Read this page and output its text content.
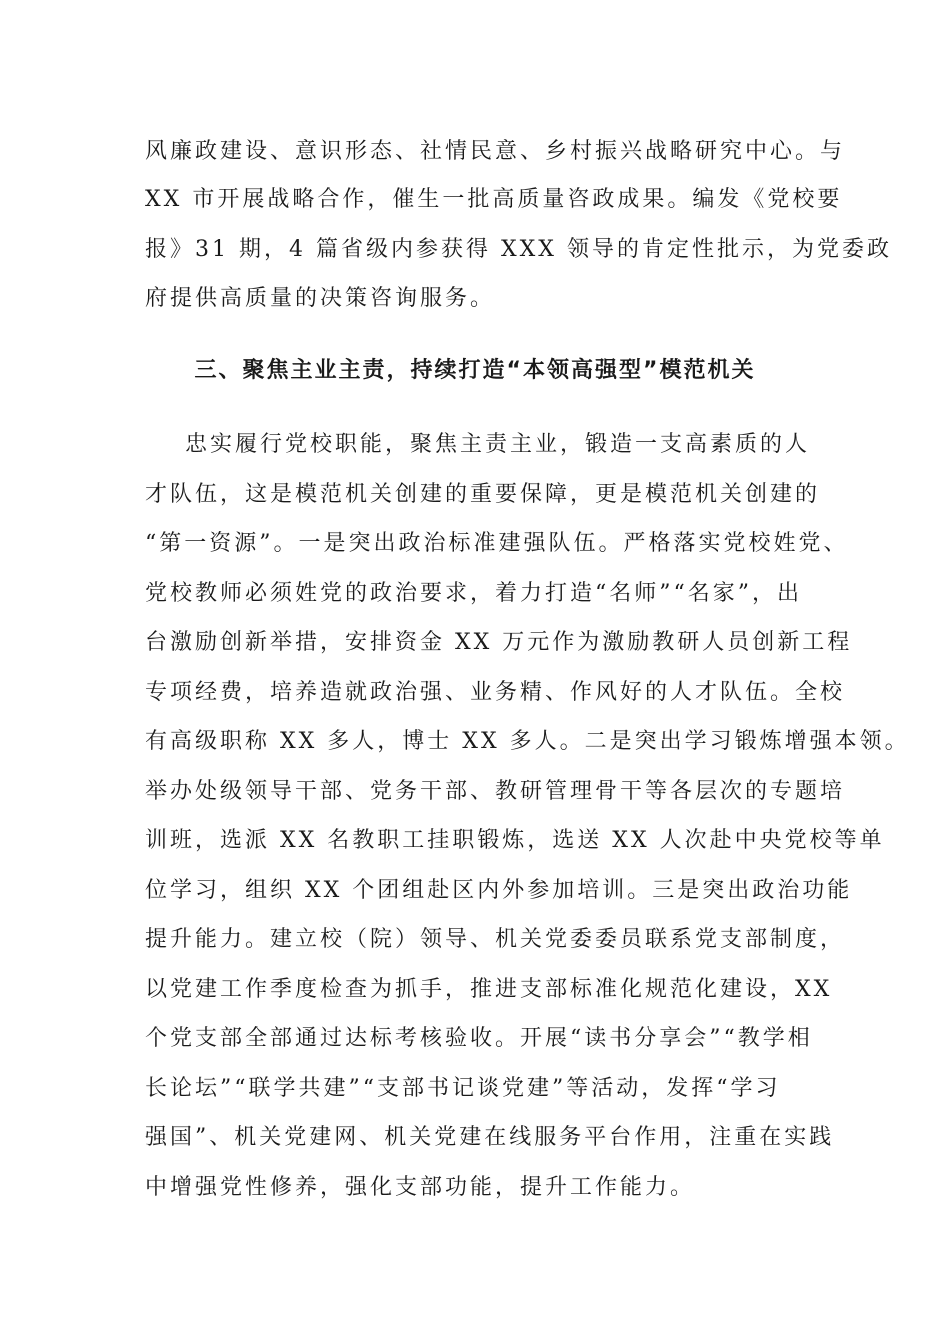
风廉政建设、意识形态、社情民意、乡村振兴战略研究中心。与
XX 市开展战略合作，催生一批高质量咨政成果。编发《党校要
报》31 期，4 篇省级内参获得 XXX 领导的肯定性批示，为党委政
府提供高质量的决策咨询服务。
三、聚焦主业主责，持续打造“本领高强型”模范机关
忠实履行党校职能，聚焦主责主业，锻造一支高素质的人
才队伍，这是模范机关创建的重要保障，更是模范机关创建的
“第一资源”。一是突出政治标准建强队伍。严格落实党校姓党、
党校教师必须姓党的政治要求，着力打造“名师”“名家”，出
台激励创新举措，安排资金 XX 万元作为激励教研人员创新工程
专项经费，培养造就政治强、业务精、作风好的人才队伍。全校
有高级职称 XX 多人，博士 XX 多人。二是突出学习锻炼增强本领。
举办处级领导干部、党务干部、教研管理骨干等各层次的专题培
训班，选派 XX 名教职工挂职锻炼，选送 XX 人次赴中央党校等单
位学习，组织 XX 个团组赴区内外参加培训。三是突出政治功能
提升能力。建立校（院）领导、机关党委委员联系党支部制度，
以党建工作季度检查为抓手，推进支部标准化规范化建设，XX
个党支部全部通过达标考核验收。开展“读书分享会”“教学相
长论坛”“联学共建”“支部书记谈党建”等活动，发挥“学习
强国”、机关党建网、机关党建在线服务平台作用，注重在实践
中增强党性修养，强化支部功能，提升工作能力。
